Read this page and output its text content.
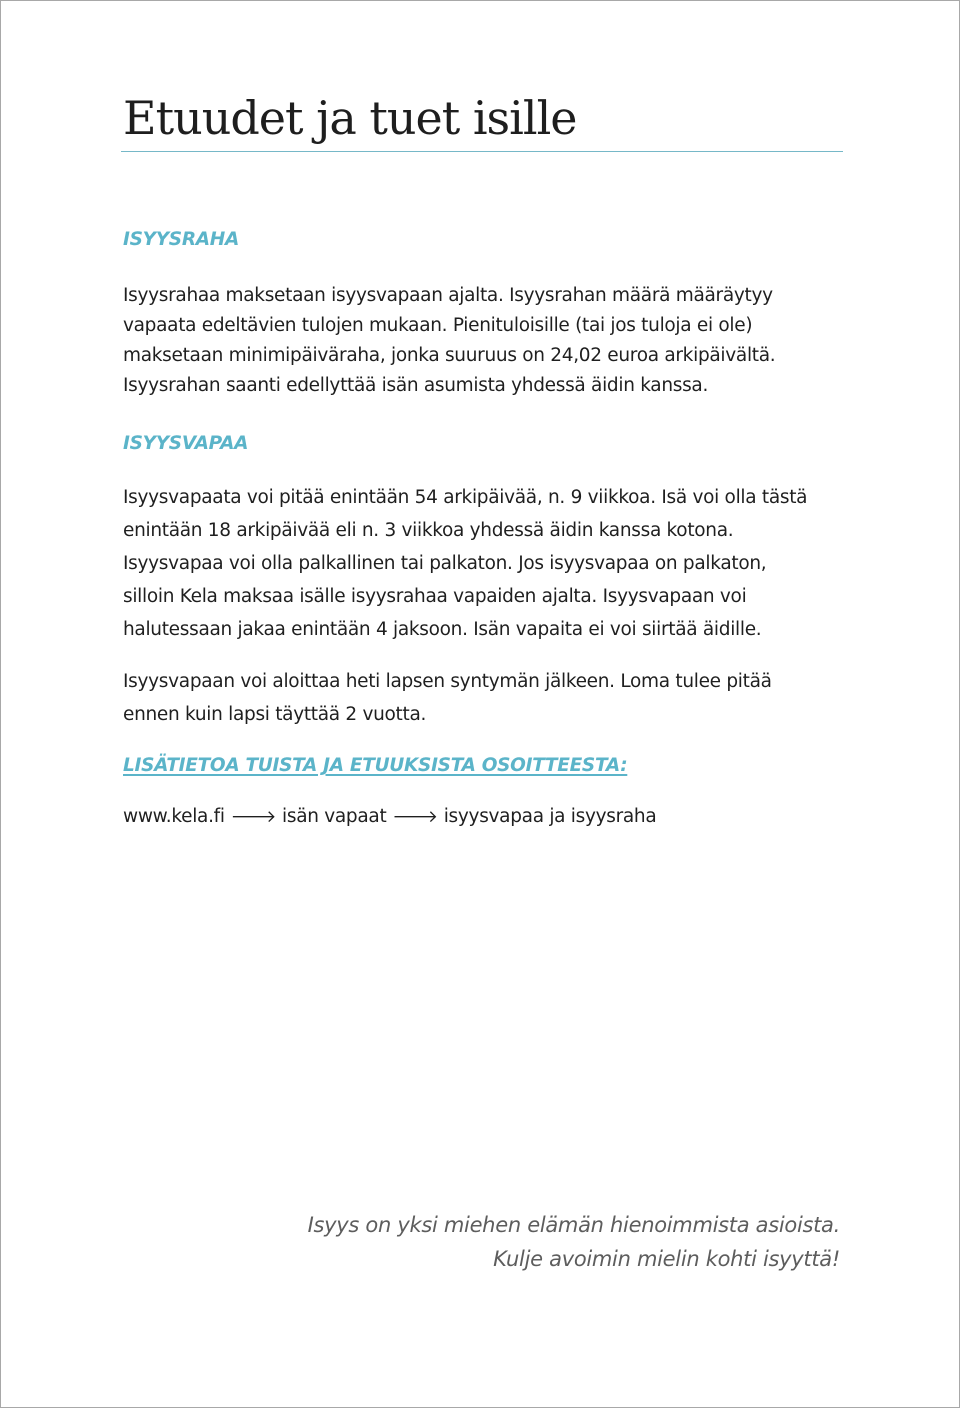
Etuudet ja tuet isille
ISYYSRAHA

Isyysrahaa maksetaan isyysvapaan ajalta. Isyysrahan määrä määräytyy
vapaata edeltävien tulojen mukaan. Pienituloisille (tai jos tuloja ei ole)
maksetaan minimipäiväraha, jonka suuruus on 24,02 euroa arkipäivältä.
Isyysrahan saanti edellyttää isän asumista yhdessä äidin kanssa.

ISYYSVAPAA

Isyysvapaata voi pitää enintään 54 arkipäivää, n. 9 viikkoa. Isä voi olla tästä
enintään 18 arkipäivää eli n. 3 viikkoa yhdessä äidin kanssa kotona.
Isyysvapaa voi olla palkallinen tai palkaton. Jos isyysvapaa on palkaton,
silloin Kela maksaa isälle isyysrahaa vapaiden ajalta. Isyysvapaan voi
halutessaan jakaa enintään 4 jaksoon. Isän vapaita ei voi siirtää äidille.

Isyysvapaan voi aloittaa heti lapsen syntymän jälkeen. Loma tulee pitää
ennen kuin lapsi täyttää 2 vuotta.

LISÄTIETOA TUISTA JA ETUUKSISTA OSOITTEESTA:

www.kela.fi 🡒 isän vapaat 🡒 isyysvapaa ja isyysraha

Isyys on yksi miehen elämän hienoimmista asioista.
Kulje avoimin mielin kohti isyyttä!
